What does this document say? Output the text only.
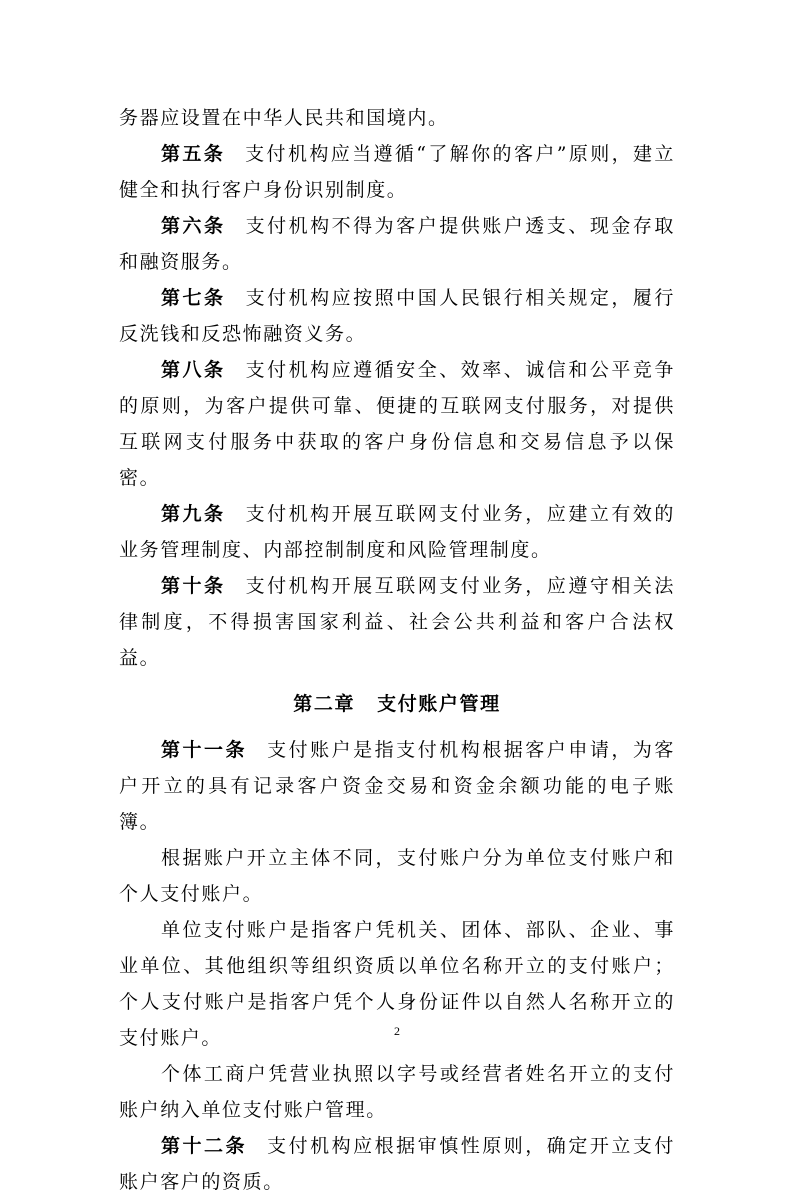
务器应设置在中华人民共和国境内。

第五条 支付机构应当遵循“了解你的客户”原则，建立健全和执行客户身份识别制度。

第六条 支付机构不得为客户提供账户透支、现金存取和融资服务。

第七条 支付机构应按照中国人民银行相关规定，履行反洗钱和反恐怖融资义务。

第八条 支付机构应遵循安全、效率、诚信和公平竞争的原则，为客户提供可靠、便捷的互联网支付服务，对提供互联网支付服务中获取的客户身份信息和交易信息予以保密。

第九条 支付机构开展互联网支付业务，应建立有效的业务管理制度、内部控制制度和风险管理制度。

第十条 支付机构开展互联网支付业务，应遵守相关法律制度，不得损害国家利益、社会公共利益和客户合法权益。

第二章 支付账户管理

第十一条 支付账户是指支付机构根据客户申请，为客户开立的具有记录客户资金交易和资金余额功能的电子账簿。

根据账户开立主体不同，支付账户分为单位支付账户和个人支付账户。

单位支付账户是指客户凭机关、团体、部队、企业、事业单位、其他组织等组织资质以单位名称开立的支付账户；个人支付账户是指客户凭个人身份证件以自然人名称开立的支付账户。

个体工商户凭营业执照以字号或经营者姓名开立的支付账户纳入单位支付账户管理。

第十二条 支付机构应根据审慎性原则，确定开立支付账户客户的资质。

2
